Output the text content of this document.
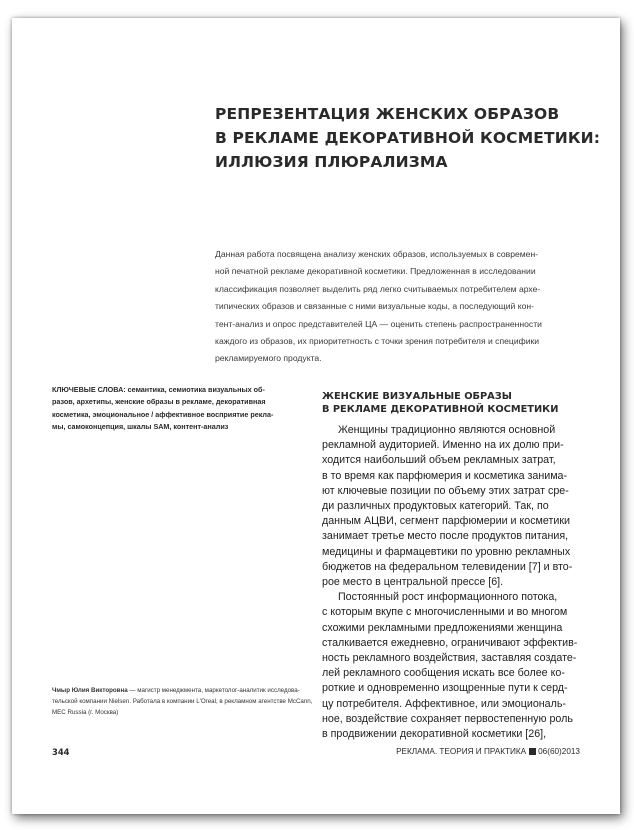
РЕПРЕЗЕНТАЦИЯ ЖЕНСКИХ ОБРАЗОВ
В РЕКЛАМЕ ДЕКОРАТИВНОЙ КОСМЕТИКИ:
ИЛЛЮЗИЯ ПЛЮРАЛИЗМА
Данная работа посвящена анализу женских образов, используемых в современ-
ной печатной рекламе декоративной косметики. Предложенная в исследовании
классификация позволяет выделить ряд легко считываемых потребителем архе-
типических образов и связанные с ними визуальные коды, а последующий кон-
тент-анализ и опрос представителей ЦА — оценить степень распространенности
каждого из образов, их приоритетность с точки зрения потребителя и специфики
рекламируемого продукта.
КЛЮЧЕВЫЕ СЛОВА: семантика, семиотика визуальных об-
разов, архетипы, женские образы в рекламе, декоративная
косметика, эмоциональное / аффективное восприятие рекла-
мы, самоконцепция, шкалы SAM, контент-анализ
ЖЕНСКИЕ ВИЗУАЛЬНЫЕ ОБРАЗЫ
В РЕКЛАМЕ ДЕКОРАТИВНОЙ КОСМЕТИКИ
Женщины традиционно являются основной
рекламной аудиторией. Именно на их долю при-
ходится наибольший объем рекламных затрат,
в то время как парфюмерия и косметика занима-
ют ключевые позиции по объему этих затрат сре-
ди различных продуктовых категорий. Так, по
данным АЦВИ, сегмент парфюмерии и косметики
занимает третье место после продуктов питания,
медицины и фармацевтики по уровню рекламных
бюджетов на федеральном телевидении [7] и вто-
рое место в центральной прессе [6].
Постоянный рост информационного потока,
с которым вкупе с многочисленными и во многом
схожими рекламными предложениями женщина
сталкивается ежедневно, ограничивают эффектив-
ность рекламного воздействия, заставляя создате-
лей рекламного сообщения искать все более ко-
роткие и одновременно изощренные пути к серд-
цу потребителя. Аффективное, или эмоциональ-
ное, воздействие сохраняет первостепенную роль
в продвижении декоративной косметики [26],
Чмыр Юлия Викторовна — магистр менеджмента, маркетолог-аналитик исследова-
тельской компании Nielsen. Работала в компании L'Oreal, в рекламном агентстве McCann,
MEC Russia (г. Москва)
344	РЕКЛАМА. ТЕОРИЯ И ПРАКТИКА 06(60)2013
